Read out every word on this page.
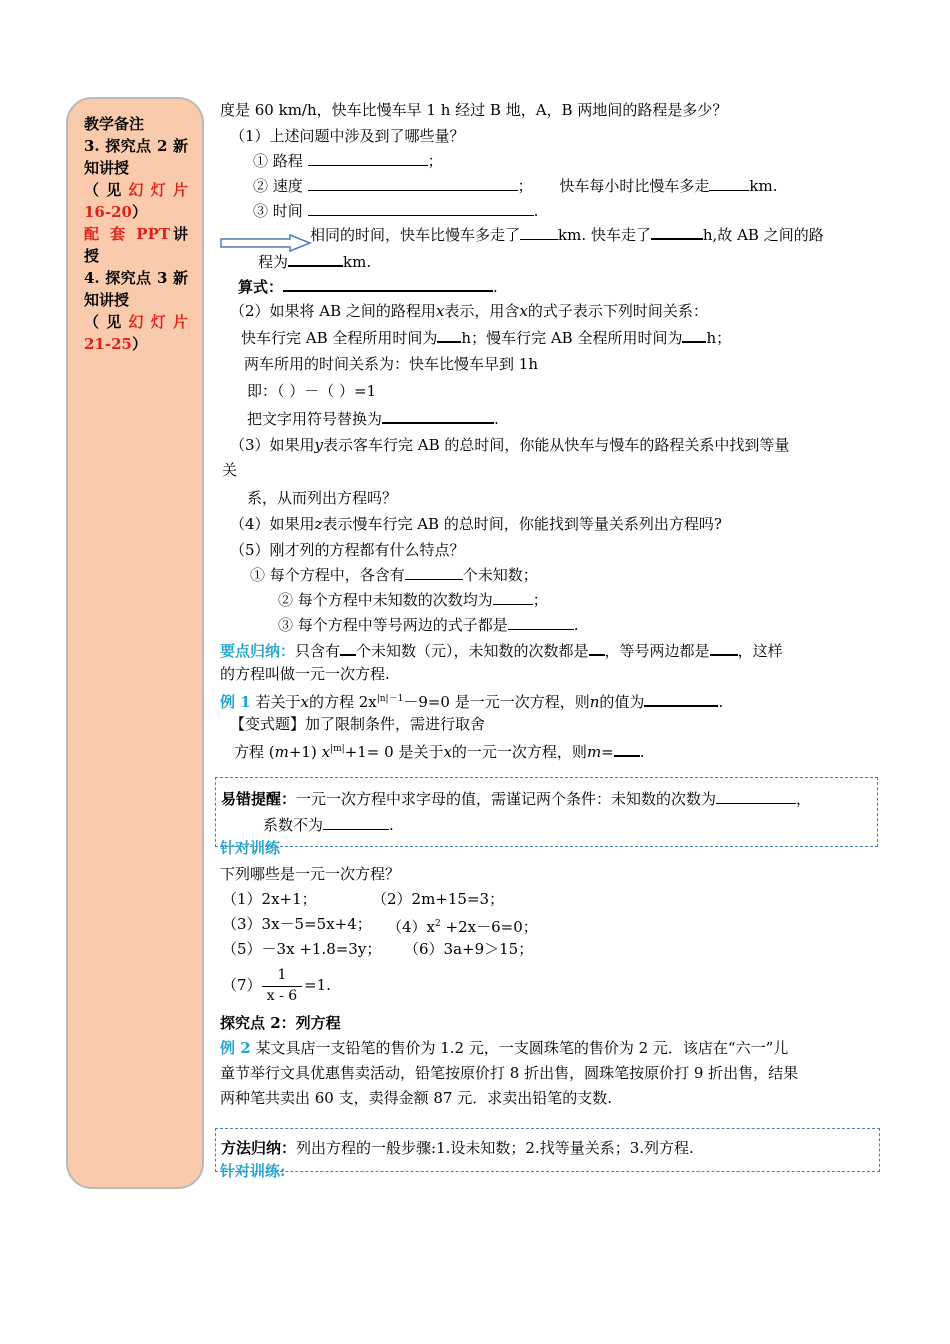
教学备注
3. 探究点 2 新
知讲授
（见幻灯片
16-20）
配 套 PPT讲
授
4. 探究点 3 新
知讲授
（见幻灯片
21-25）
度是 60 km/h，快车比慢车早 1 h 经过 B 地，A，B 两地间的路程是多少？
（1）上述问题中涉及到了哪些量？
① 路程	；
② 速度	； 快车每小时比慢车多走	km.
③ 时间	.
相同的时间，快车比慢车多走了	km. 快车走了	h,故 AB 之间的路
程为	km.
算式：	.
（2）如果将 AB 之间的路程用x表示，用含x的式子表示下列时间关系：
快车行完 AB 全程所用时间为 h；慢车行完 AB 全程所用时间为 h；
两车所用的时间关系为：快车比慢车早到 1h
即：（ ）－（ ）=1
把文字用符号替换为	.
（3）如果用y表示客车行完 AB 的总时间，你能从快车与慢车的路程关系中找到等量
关
系，从而列出方程吗？
（4）如果用z表示慢车行完 AB 的总时间，你能找到等量关系列出方程吗?
（5）刚才列的方程都有什么特点？
① 每个方程中，各含有	个未知数；
② 每个方程中未知数的次数均为	；
③ 每个方程中等号两边的式子都是	.
要点归纳：只含有 个未知数（元），未知数的次数都是 ，等号两边都是 ，这样
的方程叫做一元一次方程.
例 1 若关于x的方程 $2x^{|n|-1}-9=0$ 是一元一次方程，则n的值为	.
【变式题】加了限制条件，需进行取舍
方程 (m+1) $x^{|m|}+1= 0$ 是关于x的一元一次方程，则m= .
易错提醒：一元一次方程中求字母的值，需谨记两个条件：未知数的次数为	，
系数不为	.
针对训练
下列哪些是一元一次方程？
（1）2x+1；	（2）2m+15=3；
（3）3x－5=5x+4； $(4)x^2 +2x-6=0$；
（5）－3x +1.8=3y； （6）3a+9＞15；
$(7) \frac{1}{x - 6} =1$.
探究点 2：列方程
例 2 某文具店一支铅笔的售价为 1.2 元，一支圆珠笔的售价为 2 元．该店在“六一”儿
童节举行文具优惠售卖活动，铅笔按原价打 8 折出售，圆珠笔按原价打 9 折出售，结果
两种笔共卖出 60 支，卖得金额 87 元．求卖出铅笔的支数.
方法归纳：列出方程的一般步骤:1.设未知数；2.找等量关系；3.列方程.
针对训练:
